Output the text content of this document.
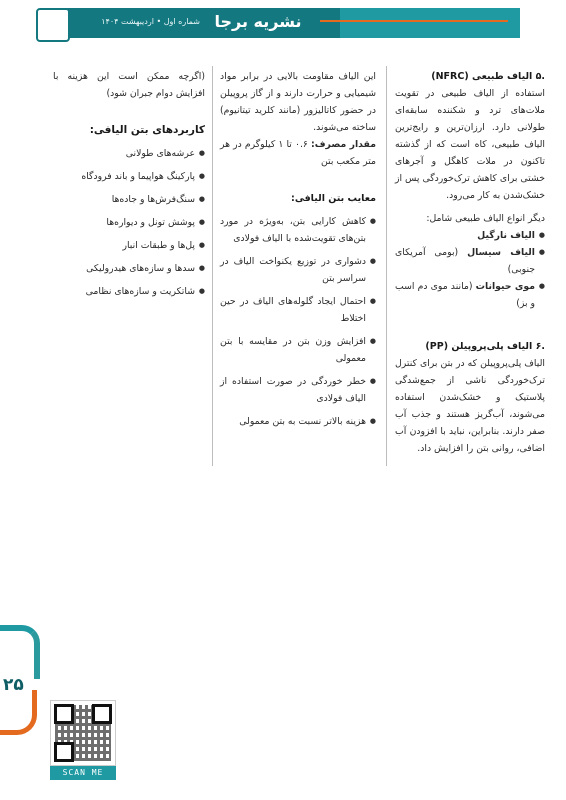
شماره اول • اردیبهشت ۱۴۰۴ نشریه برجا

.۵ الیاف طبیعی (NFRC)

استفاده از الیاف طبیعی در تقویت ملات‌های ترد و شکننده سابقه‌ای طولانی دارد. ارزان‌ترین و رایج‌ترین الیاف طبیعی، کاه است که از گذشته تاکنون در ملات کاهگل و آجرهای خشتی برای کاهش ترک‌خوردگی پس از خشک‌شدن به کار می‌رود.

دیگر انواع الیاف طبیعی شامل:

● الیاف نارگیل
● الیاف سیسال (بومی آمریکای جنوبی)
● موی حیوانات (مانند موی دم اسب و بز)

.۶ الیاف پلی‌پروپیلن (PP)

الیاف پلی‌پروپیلن که در بتن برای کنترل ترک‌خوردگی ناشی از جمع‌شدگی پلاستیک و خشک‌شدن استفاده می‌شوند، آب‌گریز هستند و جذب آب صفر دارند. بنابراین، نباید با افزودن آب اضافی، روانی بتن را افزایش داد.

این الیاف مقاومت بالایی در برابر مواد شیمیایی و حرارت دارند و از گاز پروپیلن در حضور کاتالیزور (مانند کلرید تیتانیوم) ساخته می‌شوند.

مقدار مصرف: ۰.۶ تا ۱ کیلوگرم در هر متر مکعب بتن

معایب بتن الیافی:

● کاهش کارایی بتن، به‌ویژه در مورد بتن‌های تقویت‌شده با الیاف فولادی
● دشواری در توزیع یکنواخت الیاف در سراسر بتن
● احتمال ایجاد گلوله‌های الیاف در حین اختلاط
● افزایش وزن بتن در مقایسه با بتن معمولی
● خطر خوردگی در صورت استفاده از الیاف فولادی
● هزینه بالاتر نسبت به بتن معمولی

(اگرچه ممکن است این هزینه با افزایش دوام جبران شود)

کاربردهای بتن الیافی:

● عرشه‌های طولانی
● پارکینگ هواپیما و باند فرودگاه
● سنگ‌فرش‌ها و جاده‌ها
● پوشش تونل و دیواره‌ها
● پل‌ها و طبقات انبار
● سدها و سازه‌های هیدرولیکی
● شاتکریت و سازه‌های نظامی
۲۵
SCAN ME
